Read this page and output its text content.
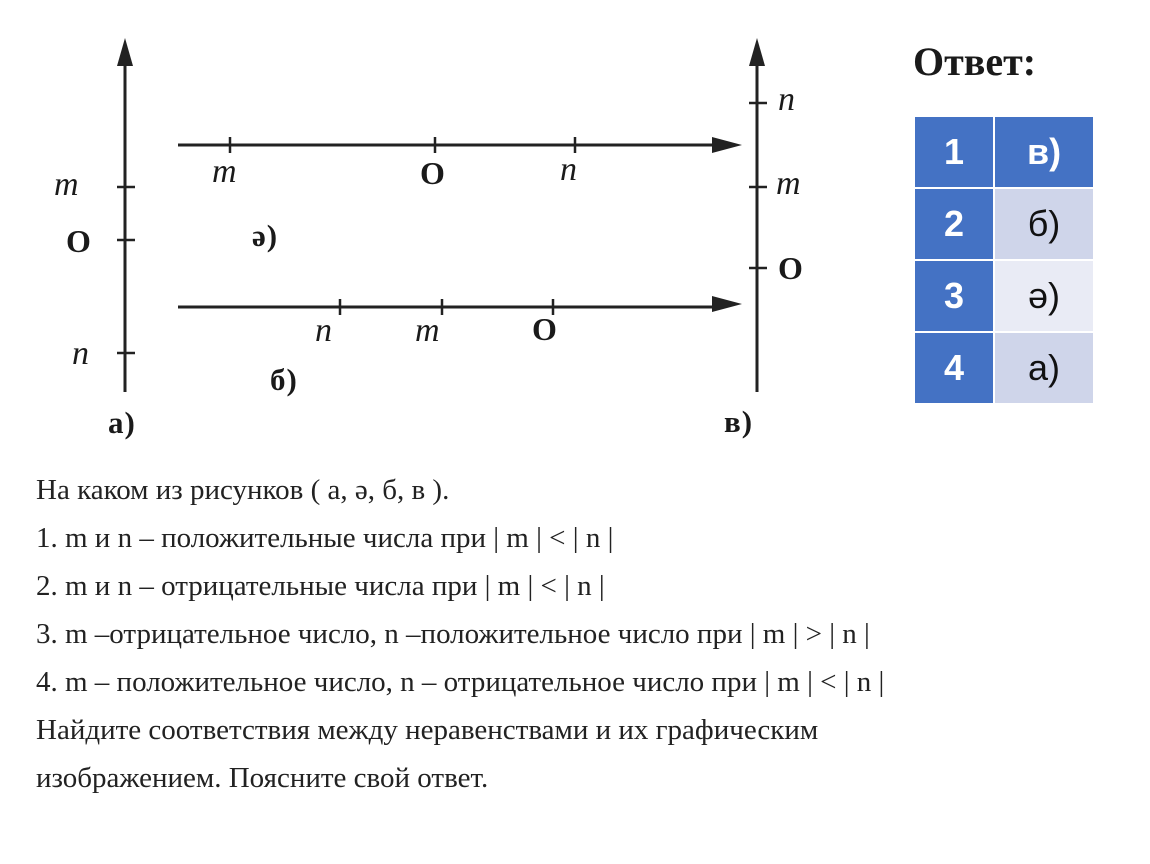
m
O
n
а)
m	O	n
ә)
n m	O
б)
n
m
O
в)
Ответ:
1	в)
2	б)
3	ә)
4	а)
На каком из рисунков ( а, ә, б, в ).
1. m и n – положительные числа при | m | < | n |
2. m и n – отрицательные числа при | m | < | n |
3. m –отрицательное число, n –положительное число при | m | > | n |
4. m – положительное число, n – отрицательное число при | m | < | n |
Найдите соответствия между неравенствами и их графическим
изображением. Поясните свой ответ.
